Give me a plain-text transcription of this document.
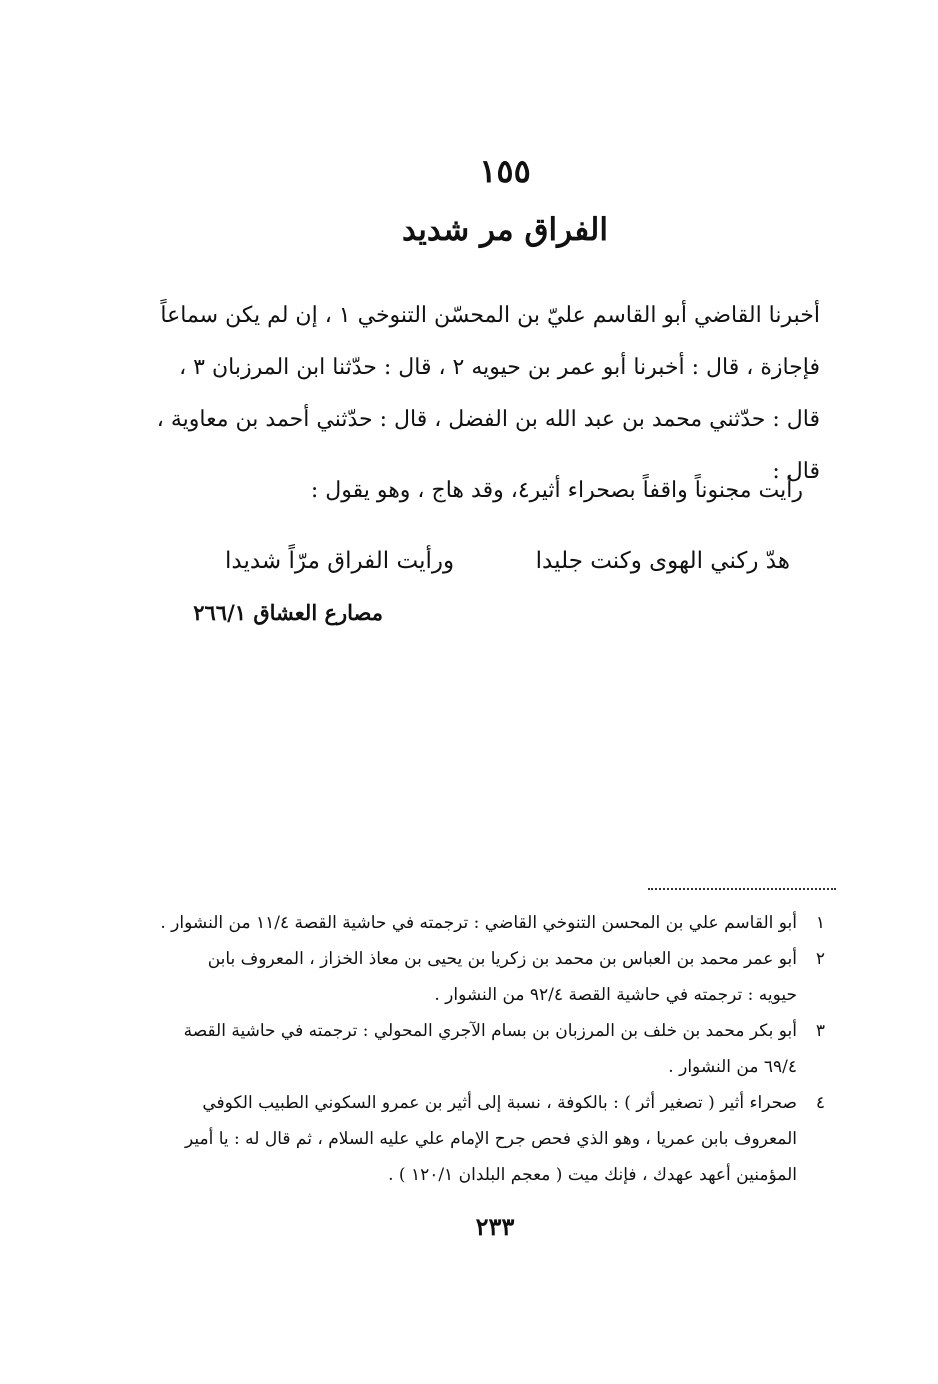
١٥٥
الفراق مر شديد
أخبرنا القاضي أبو القاسم عليّ بن المحسّن التنوخي ١ ، إن لم يكن سماعاً
فإجازة ، قال : أخبرنا أبو عمر بن حيويه ٢ ، قال : حدّثنا ابن المرزبان ٣ ،
قال : حدّثني محمد بن عبد الله بن الفضل ، قال : حدّثني أحمد بن معاوية ،
قال :
رأيت مجنوناً واقفاً بصحراء أثير٤، وقد هاج ، وهو يقول :
هدّ ركني الهوى وكنت جليدا
ورأيت الفراق مرّاً شديدا
مصارع العشاق ٢٦٦/١
١أبو القاسم علي بن المحسن التنوخي القاضي : ترجمته في حاشية القصة ١١/٤ من النشوار .
٢أبو عمر محمد بن العباس بن محمد بن زكريا بن يحيى بن معاذ الخزاز ، المعروف بابن
حيويه : ترجمته في حاشية القصة ٩٢/٤ من النشوار .
٣أبو بكر محمد بن خلف بن المرزبان بن بسام الآجري المحولي : ترجمته في حاشية القصة
٦٩/٤ من النشوار .
٤صحراء أثير ( تصغير أثر ) : بالكوفة ، نسبة إلى أثير بن عمرو السكوني الطبيب الكوفي
المعروف بابن عمريا ، وهو الذي فحص جرح الإمام علي عليه السلام ، ثم قال له : يا أمير
المؤمنين أعهد عهدك ، فإنك ميت ( معجم البلدان ١٢٠/١ ) .
٢٣٣
